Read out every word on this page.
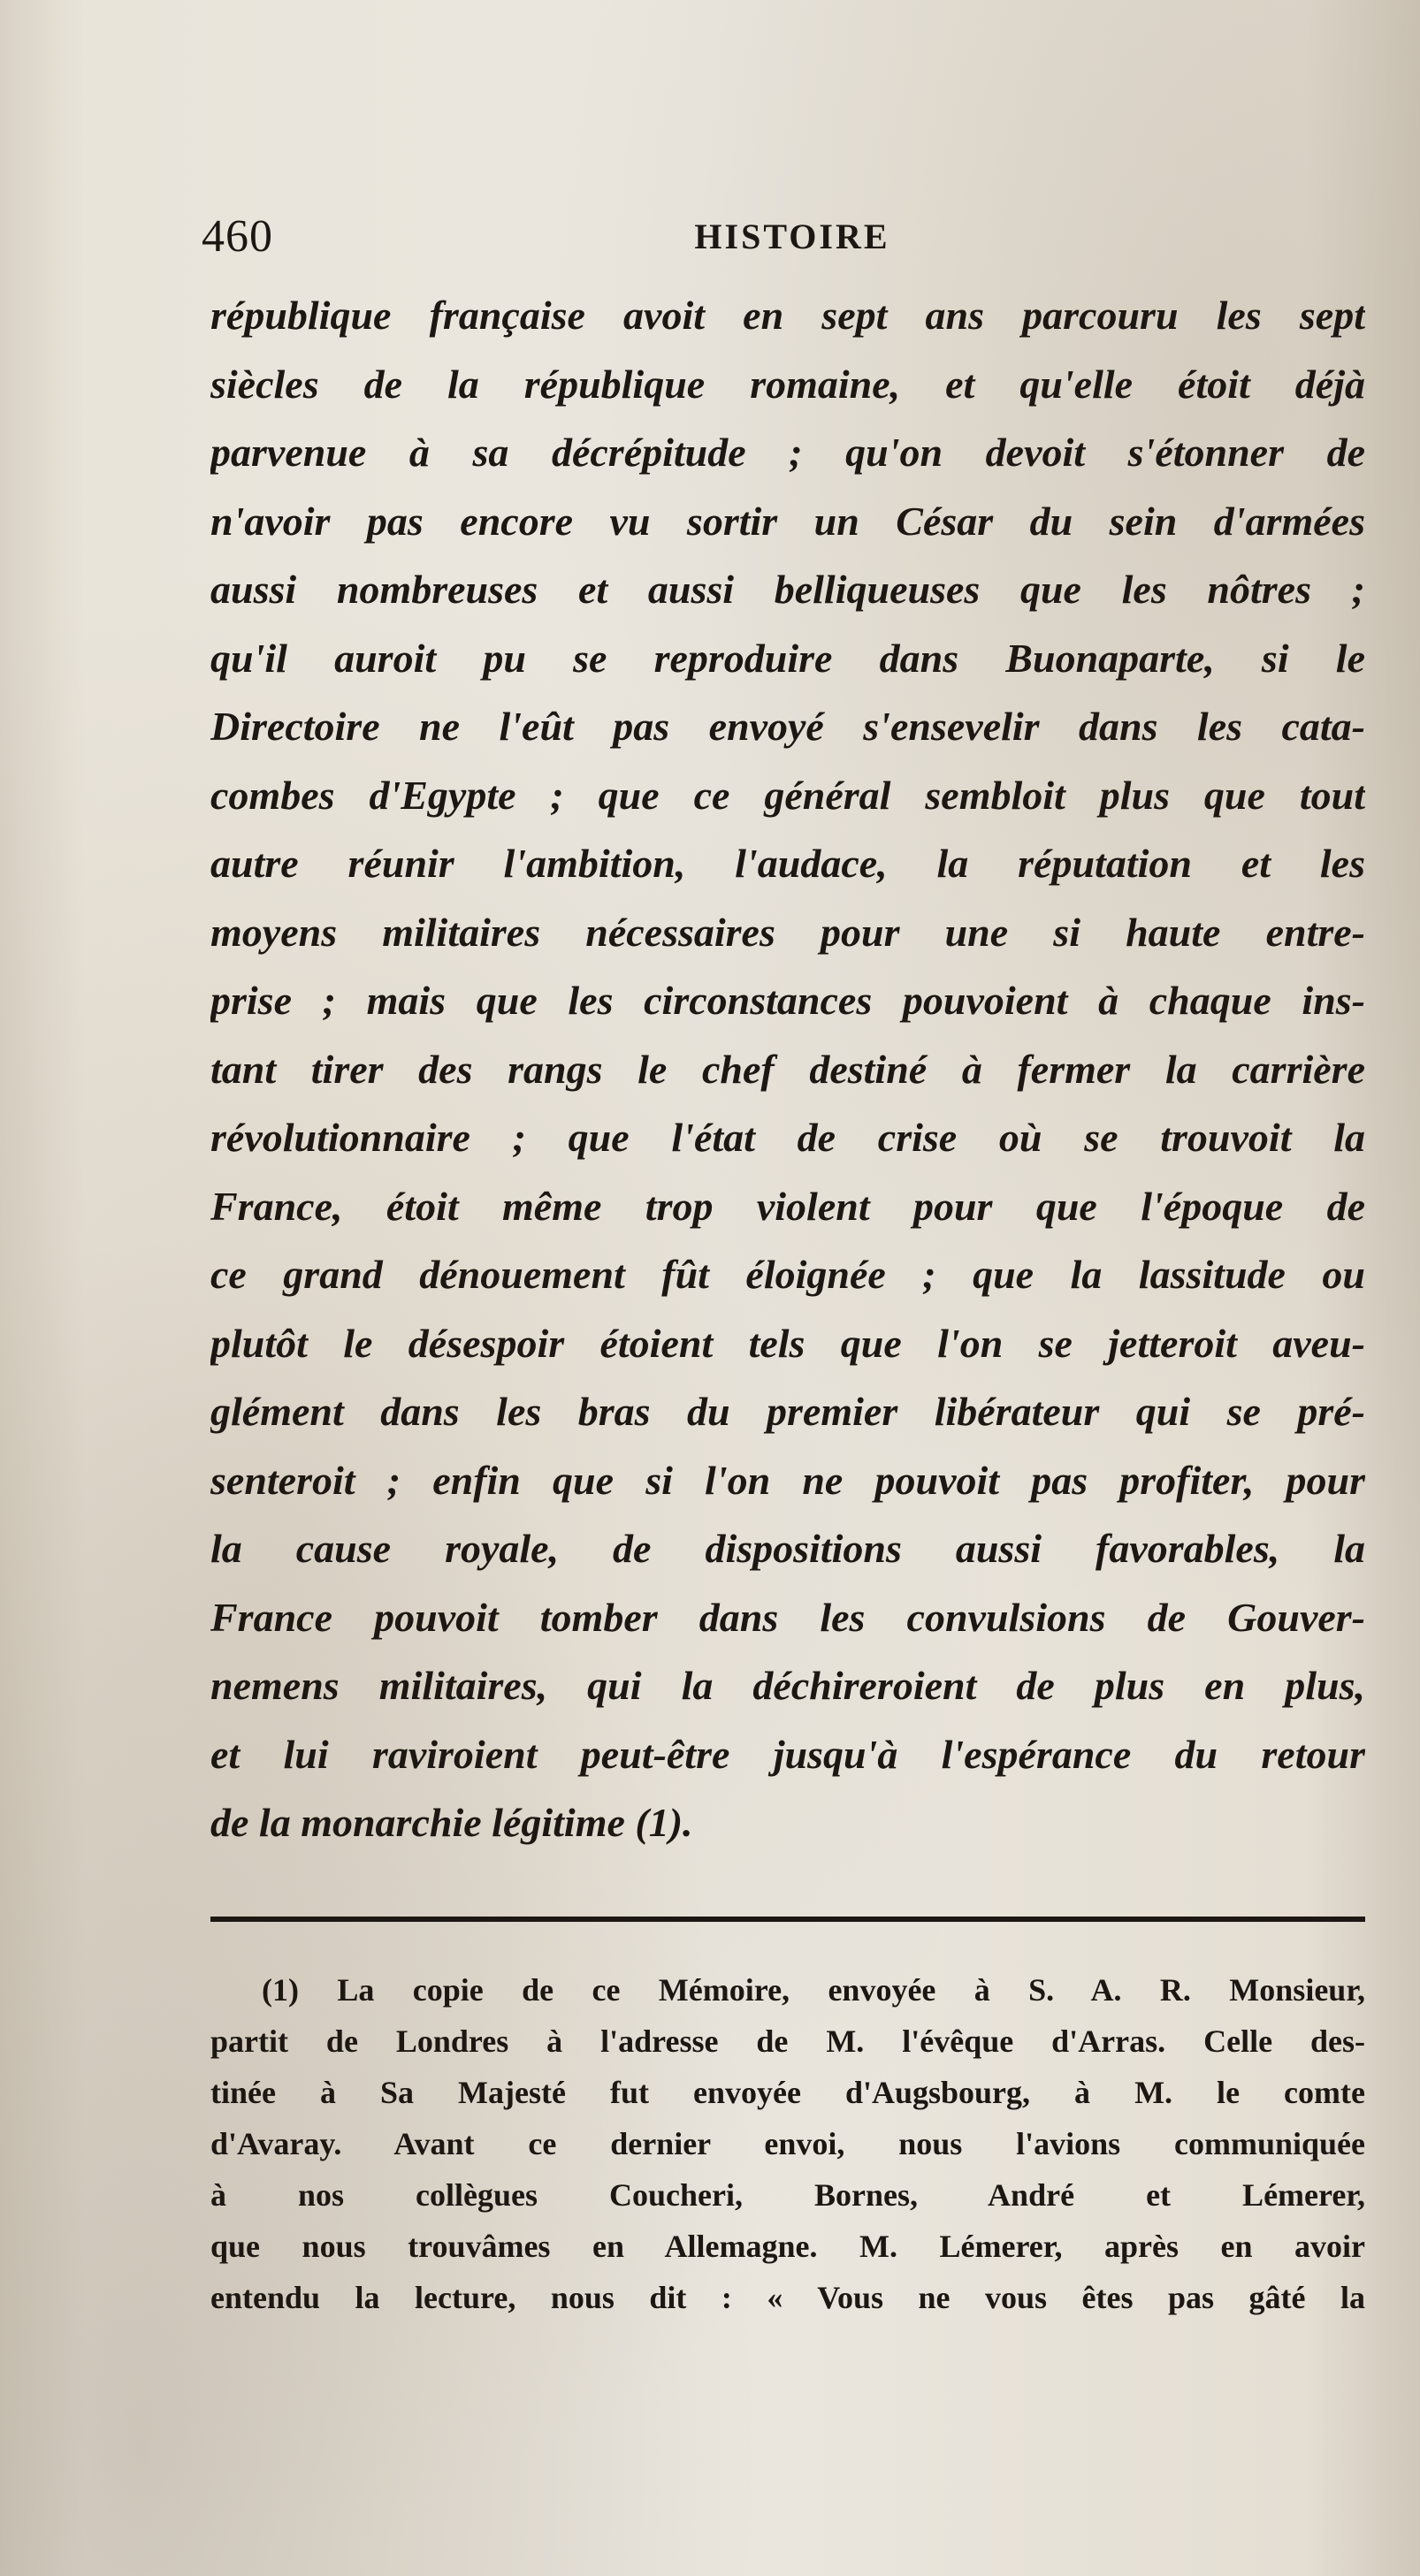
460	HISTOIRE
république française avoit en sept ans parcouru les sept
siècles de la république romaine, et qu'elle étoit déjà
parvenue à sa décrépitude ; qu'on devoit s'étonner de
n'avoir pas encore vu sortir un César du sein d'armées
aussi nombreuses et aussi belliqueuses que les nôtres ;
qu'il auroit pu se reproduire dans Buonaparte, si le
Directoire ne l'eût pas envoyé s'ensevelir dans les cata-
combes d'Egypte ; que ce général sembloit plus que tout
autre réunir l'ambition, l'audace, la réputation et les
moyens militaires nécessaires pour une si haute entre-
prise ; mais que les circonstances pouvoient à chaque ins-
tant tirer des rangs le chef destiné à fermer la carrière
révolutionnaire ; que l'état de crise où se trouvoit la
France, étoit même trop violent pour que l'époque de
ce grand dénouement fût éloignée ; que la lassitude ou
plutôt le désespoir étoient tels que l'on se jetteroit aveu-
glément dans les bras du premier libérateur qui se pré-
senteroit ; enfin que si l'on ne pouvoit pas profiter, pour
la cause royale, de dispositions aussi favorables, la
France pouvoit tomber dans les convulsions de Gouver-
nemens militaires, qui la déchireroient de plus en plus,
et lui raviroient peut-être jusqu'à l'espérance du retour
de la monarchie légitime (1).
(1) La copie de ce Mémoire, envoyée à S. A. R. Monsieur,
partit de Londres à l'adresse de M. l'évêque d'Arras. Celle des-
tinée à Sa Majesté fut envoyée d'Augsbourg, à M. le comte
d'Avaray. Avant ce dernier envoi, nous l'avions communiquée
à nos collègues Coucheri, Bornes, André et Lémerer,
que nous trouvâmes en Allemagne. M. Lémerer, après en avoir
entendu la lecture, nous dit : « Vous ne vous êtes pas gâté la
